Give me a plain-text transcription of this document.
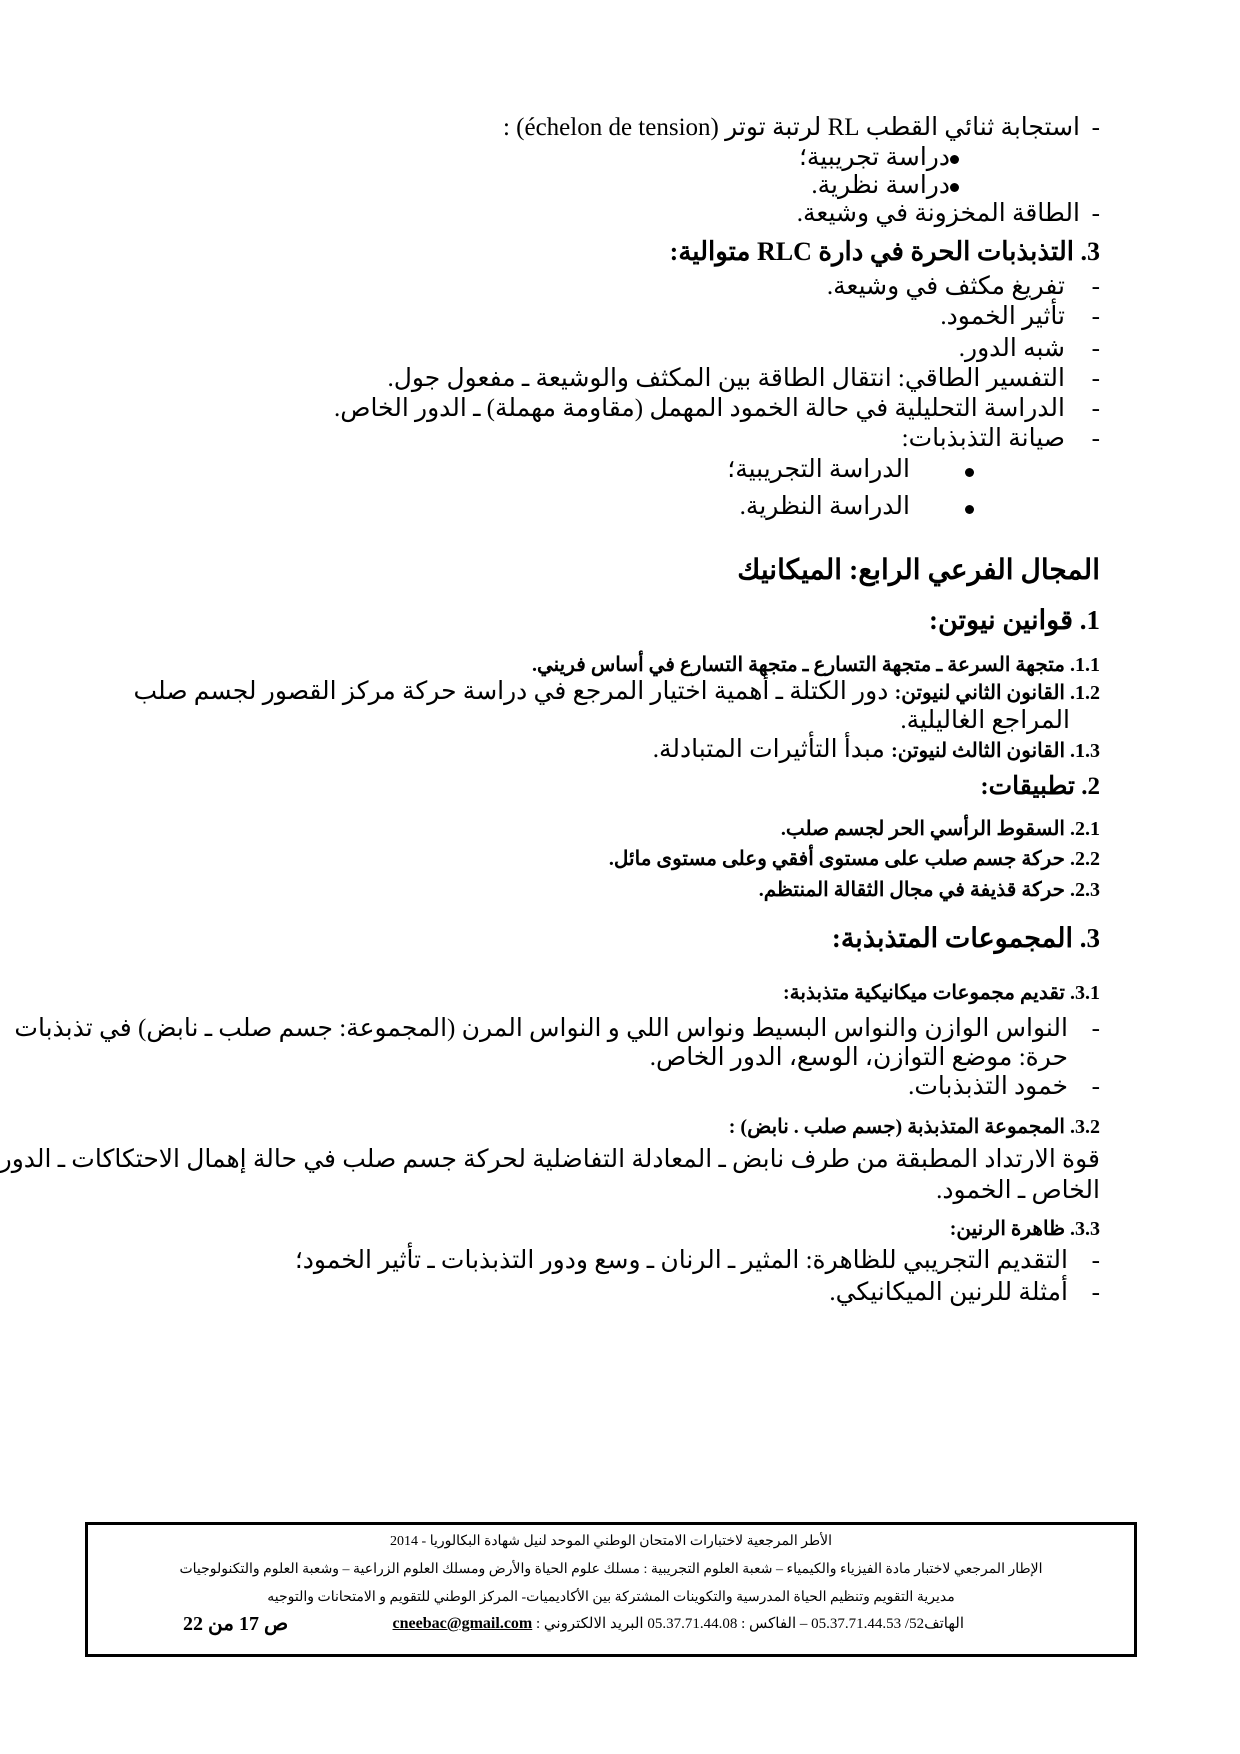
استجابة ثنائي القطب RL لرتبة توتر (échelon de tension) : -
دراسة تجريبية؛
دراسة نظرية.
الطاقة المخزونة في وشيعة. -
3. التذبذبات الحرة في دارة RLC متوالية:
-
تفريغ مكثف في وشيعة.
-
تأثير الخمود.
-
شبه الدور.
-
التفسير الطاقي: انتقال الطاقة بين المكثف والوشيعة ـ مفعول جول.
-
الدراسة التحليلية في حالة الخمود المهمل (مقاومة مهملة) ـ الدور الخاص.
-
صيانة التذبذبات:
الدراسة التجريبية؛
الدراسة النظرية.
المجال الفرعي الرابع: الميكانيك
1. قوانين نيوتن:
1.1. متجهة السرعة ـ متجهة التسارع ـ متجهة التسارع في أساس فريني.
1.2. القانون الثاني لنيوتن: دور الكتلة ـ أهمية اختيار المرجع في دراسة حركة مركز القصور لجسم صلب
المراجع الغاليلية.
1.3. القانون الثالث لنيوتن: مبدأ التأثيرات المتبادلة.
2. تطبيقات:
2.1. السقوط الرأسي الحر لجسم صلب.
2.2. حركة جسم صلب على مستوى أفقي وعلى مستوى مائل.
2.3. حركة قذيفة في مجال الثقالة المنتظم.
3. المجموعات المتذبذبة:
3.1. تقديم مجموعات ميكانيكية متذبذبة:
-
النواس الوازن والنواس البسيط ونواس اللي و النواس المرن (المجموعة: جسم صلب ـ نابض) في تذبذبات
حرة: موضع التوازن، الوسع، الدور الخاص.
-
خمود التذبذبات.
3.2. المجموعة المتذبذبة (جسم صلب . نابض) :
قوة الارتداد المطبقة من طرف نابض ـ المعادلة التفاضلية لحركة جسم صلب في حالة إهمال الاحتكاكات ـ الدور
الخاص ـ الخمود.
3.3. ظاهرة الرنين:
-
التقديم التجريبي للظاهرة: المثير ـ الرنان ـ وسع ودور التذبذبات ـ تأثير الخمود؛
-
أمثلة للرنين الميكانيكي.
الأطر المرجعية لاختبارات الامتحان الوطني الموحد لنيل شهادة البكالوريا - 2014
الإطار المرجعي لاختبار مادة الفيزياء والكيمياء – شعبة العلوم التجريبية : مسلك علوم الحياة والأرض ومسلك العلوم الزراعية – وشعبة العلوم والتكنولوجيات
مديرية التقويم وتنظيم الحياة المدرسية والتكوينات المشتركة بين الأكاديميات- المركز الوطني للتقويم و الامتحانات والتوجيه
الهاتف52/ 05.37.71.44.53 – الفاكس : 05.37.71.44.08 البريد الالكتروني : cneebac@gmail.com
ص 17 من 22
